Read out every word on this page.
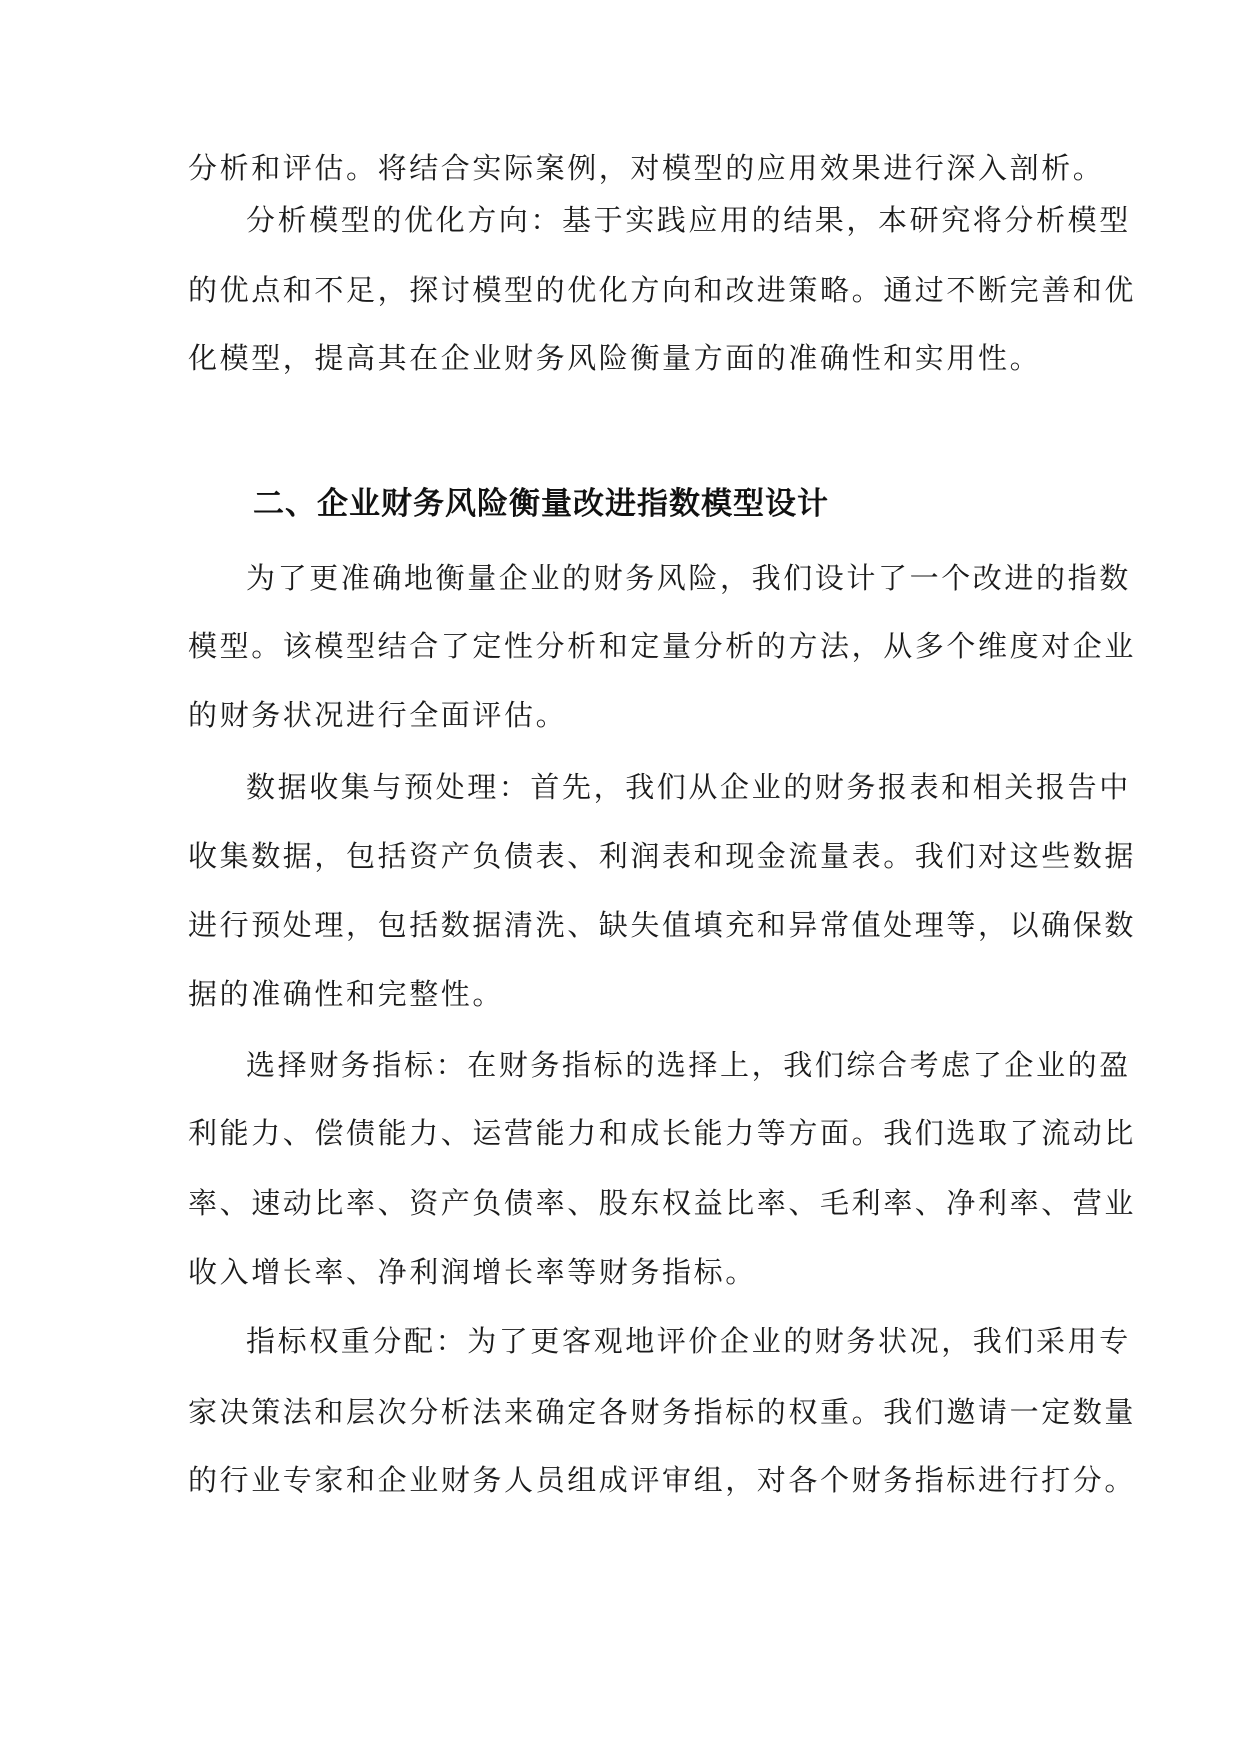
分析和评估。将结合实际案例，对模型的应用效果进行深入剖析。
分析模型的优化方向：基于实践应用的结果，本研究将分析模型
的优点和不足，探讨模型的优化方向和改进策略。通过不断完善和优
化模型，提高其在企业财务风险衡量方面的准确性和实用性。
二、企业财务风险衡量改进指数模型设计
为了更准确地衡量企业的财务风险，我们设计了一个改进的指数
模型。该模型结合了定性分析和定量分析的方法，从多个维度对企业
的财务状况进行全面评估。
数据收集与预处理：首先，我们从企业的财务报表和相关报告中
收集数据，包括资产负债表、利润表和现金流量表。我们对这些数据
进行预处理，包括数据清洗、缺失值填充和异常值处理等，以确保数
据的准确性和完整性。
选择财务指标：在财务指标的选择上，我们综合考虑了企业的盈
利能力、偿债能力、运营能力和成长能力等方面。我们选取了流动比
率、速动比率、资产负债率、股东权益比率、毛利率、净利率、营业
收入增长率、净利润增长率等财务指标。
指标权重分配：为了更客观地评价企业的财务状况，我们采用专
家决策法和层次分析法来确定各财务指标的权重。我们邀请一定数量
的行业专家和企业财务人员组成评审组，对各个财务指标进行打分。
